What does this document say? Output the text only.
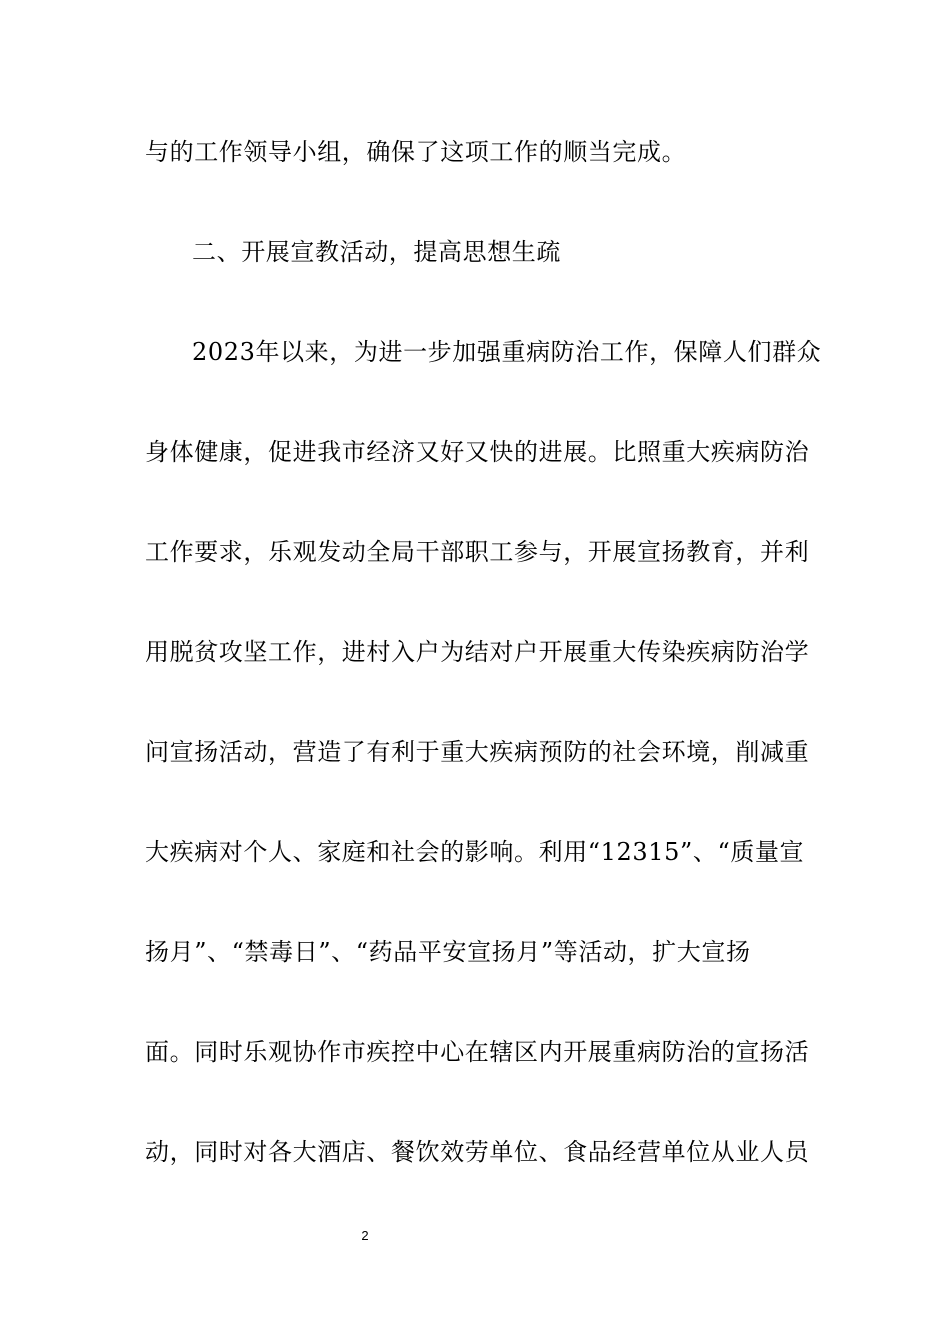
与的工作领导小组，确保了这项工作的顺当完成。
二、开展宣教活动，提高思想生疏
2023年以来，为进一步加强重病防治工作，保障人们群众
身体健康，促进我市经济又好又快的进展。比照重大疾病防治
工作要求，乐观发动全局干部职工参与，开展宣扬教育，并利
用脱贫攻坚工作，进村入户为结对户开展重大传染疾病防治学
问宣扬活动，营造了有利于重大疾病预防的社会环境，削减重
大疾病对个人、家庭和社会的影响。利用“12315”、“质量宣
扬月”、“禁毒日”、“药品平安宣扬月”等活动，扩大宣扬
面。同时乐观协作市疾控中心在辖区内开展重病防治的宣扬活
动，同时对各大酒店、餐饮效劳单位、食品经营单位从业人员
2
